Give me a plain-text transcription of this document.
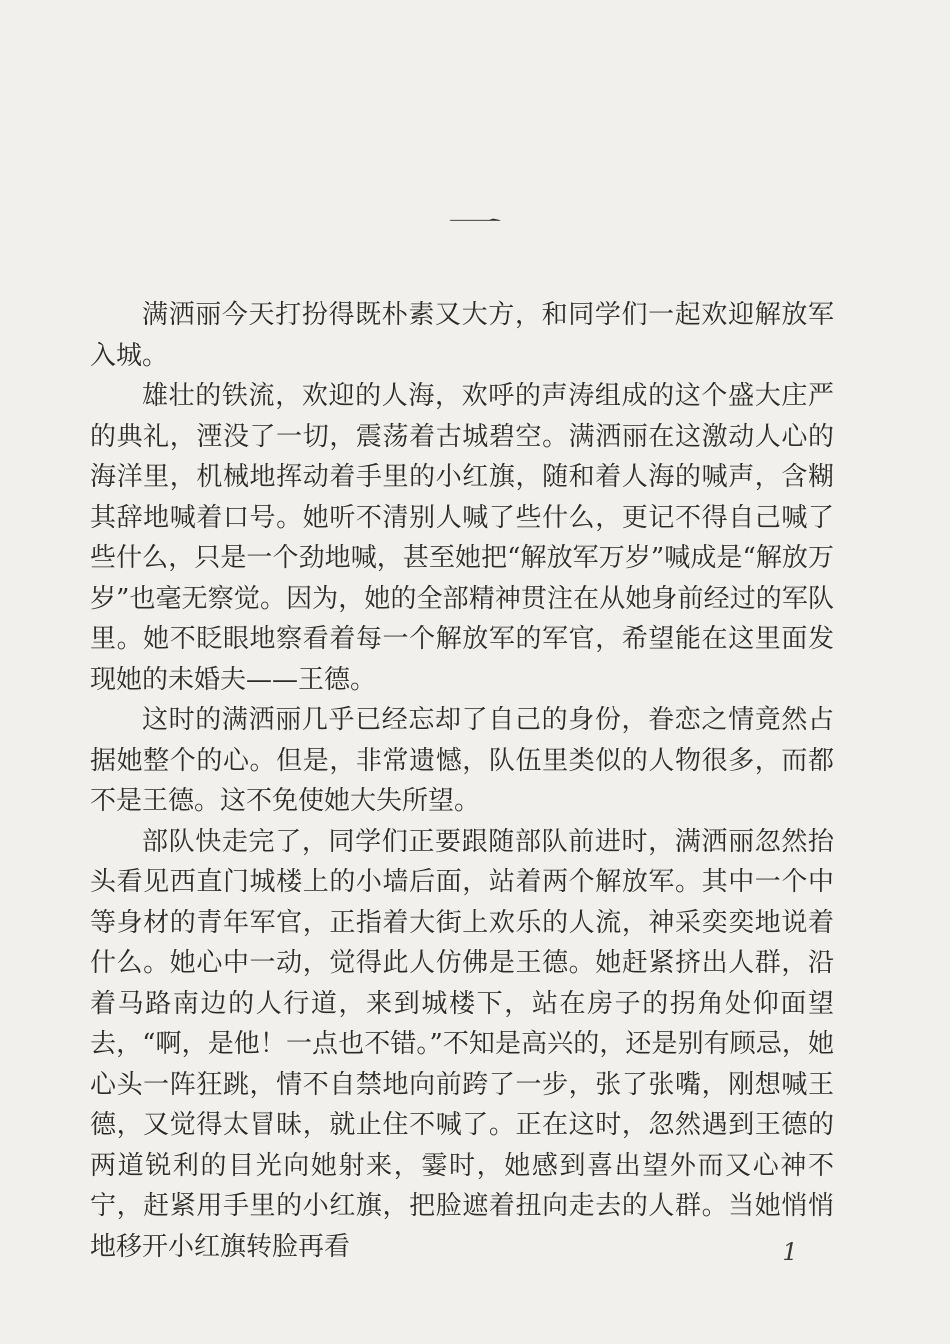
一

满洒丽今天打扮得既朴素又大方，和同学们一起欢迎解放军入城。

雄壮的铁流，欢迎的人海，欢呼的声涛组成的这个盛大庄严的典礼，湮没了一切，震荡着古城碧空。满洒丽在这激动人心的海洋里，机械地挥动着手里的小红旗，随和着人海的喊声，含糊其辞地喊着口号。她听不清别人喊了些什么，更记不得自己喊了些什么，只是一个劲地喊，甚至她把“解放军万岁”喊成是“解放万岁”也毫无察觉。因为，她的全部精神贯注在从她身前经过的军队里。她不眨眼地察看着每一个解放军的军官，希望能在这里面发现她的未婚夫——王德。

这时的满洒丽几乎已经忘却了自己的身份，眷恋之情竟然占据她整个的心。但是，非常遗憾，队伍里类似的人物很多，而都不是王德。这不免使她大失所望。

部队快走完了，同学们正要跟随部队前进时，满洒丽忽然抬头看见西直门城楼上的小墙后面，站着两个解放军。其中一个中等身材的青年军官，正指着大街上欢乐的人流，神采奕奕地说着什么。她心中一动，觉得此人仿佛是王德。她赶紧挤出人群，沿着马路南边的人行道，来到城楼下，站在房子的拐角处仰面望去，“啊，是他！一点也不错。”不知是高兴的，还是别有顾忌，她心头一阵狂跳，情不自禁地向前跨了一步，张了张嘴，刚想喊王德，又觉得太冒昧，就止住不喊了。正在这时，忽然遇到王德的两道锐利的目光向她射来，霎时，她感到喜出望外而又心神不宁，赶紧用手里的小红旗，把脸遮着扭向走去的人群。当她悄悄地移开小红旗转脸再看	1
